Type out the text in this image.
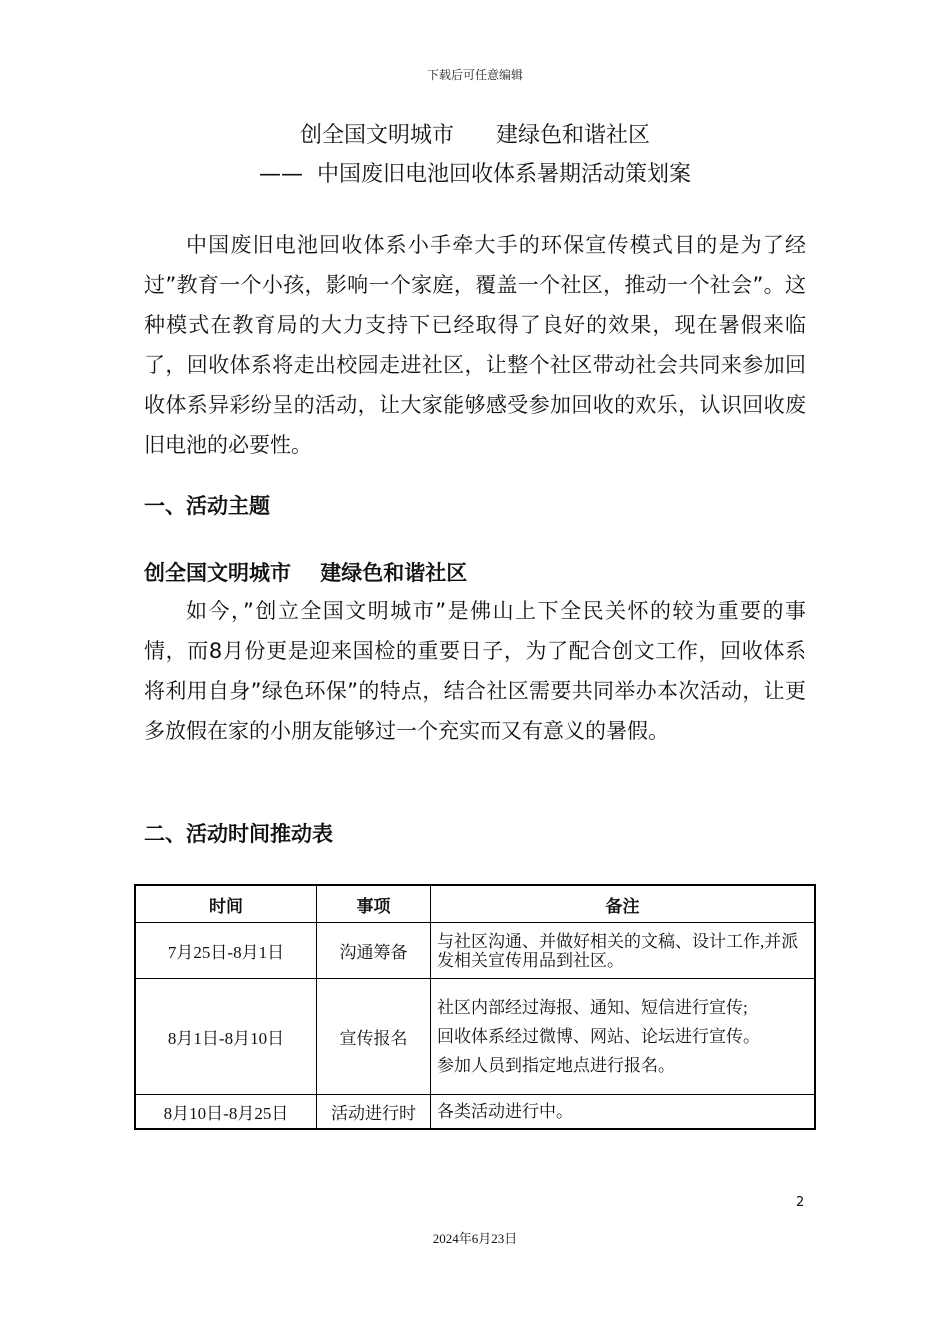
下载后可任意编辑
创全国文明城市      建绿色和谐社区
——  中国废旧电池回收体系暑期活动策划案

中国废旧电池回收体系小手牵大手的环保宣传模式目的是为了经过”教育一个小孩，影响一个家庭，覆盖一个社区，推动一个社会”。这种模式在教育局的大力支持下已经取得了良好的效果，现在暑假来临了，回收体系将走出校园走进社区，让整个社区带动社会共同来参加回收体系异彩纷呈的活动，让大家能够感受参加回收的欢乐，认识回收废旧电池的必要性。

一、活动主题
创全国文明城市    建绿色和谐社区

如今，”创立全国文明城市”是佛山上下全民关怀的较为重要的事情，而8月份更是迎来国检的重要日子，为了配合创文工作，回收体系将利用自身”绿色环保”的特点，结合社区需要共同举办本次活动，让更多放假在家的小朋友能够过一个充实而又有意义的暑假。

二、活动时间推动表
时间	事项	备注
7月25日-8月1日	沟通筹备	与社区沟通、并做好相关的文稿、设计工作,并派发相关宣传用品到社区。

8月1日-8月10日	宣传报名	社区内部经过海报、通知、短信进行宣传;
回收体系经过微博、网站、论坛进行宣传。
参加人员到指定地点进行报名。

8月10日-8月25日	活动进行时	各类活动进行中。
2
2024年6月23日
